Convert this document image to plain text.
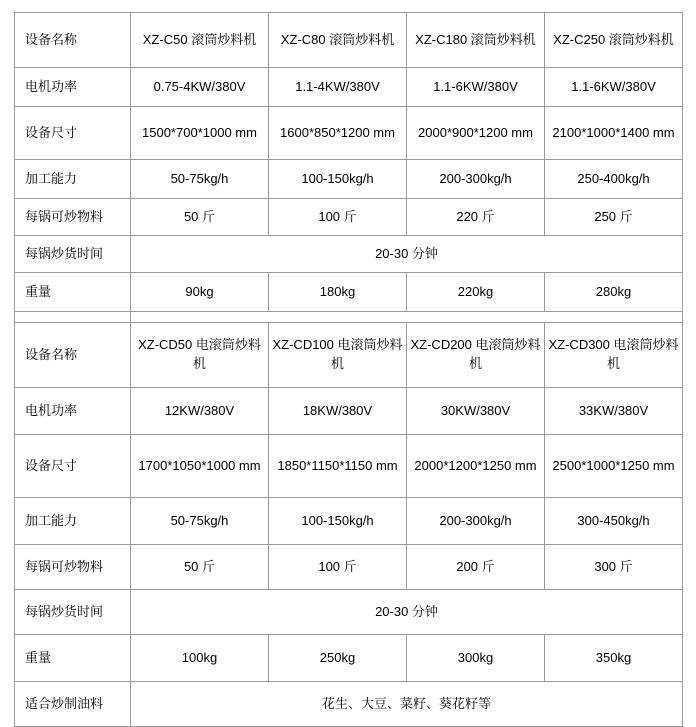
设备名称	XZ-C50 滚筒炒料机	XZ-C80 滚筒炒料机	XZ-C180 滚筒炒料机	XZ-C250 滚筒炒料机
电机功率	0.75-4KW/380V	1.1-4KW/380V	1.1-6KW/380V	1.1-6KW/380V
设备尺寸	1500*700*1000 mm	1600*850*1200 mm	2000*900*1200 mm	2100*1000*1400 mm
加工能力	50-75kg/h	100-150kg/h	200-300kg/h	250-400kg/h
每锅可炒物料	50 斤	100 斤	220 斤	250 斤
每锅炒货时间	20-30 分钟			
重量	90kg	180kg	220kg	280kg

设备名称	XZ-CD50 电滚筒炒料机	XZ-CD100 电滚筒炒料机	XZ-CD200 电滚筒炒料机	XZ-CD300 电滚筒炒料机
电机功率	12KW/380V	18KW/380V	30KW/380V	33KW/380V
设备尺寸	1700*1050*1000 mm	1850*1150*1150 mm	2000*1200*1250 mm	2500*1000*1250 mm
加工能力	50-75kg/h	100-150kg/h	200-300kg/h	300-450kg/h
每锅可炒物料	50 斤	100 斤	200 斤	300 斤
每锅炒货时间	20-30 分钟			
重量	100kg	250kg	300kg	350kg
适合炒制油料	花生、大豆、菜籽、葵花籽等			
